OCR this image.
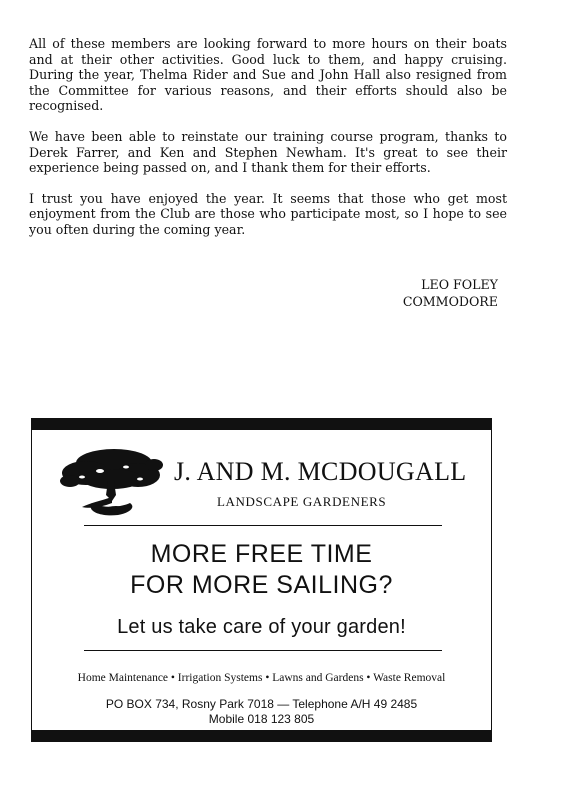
All of these members are looking forward to more hours on their boats and at their other activities. Good luck to them, and happy cruising. During the year, Thelma Rider and Sue and John Hall also resigned from the Committee for various reasons, and their efforts should also be recognised.

We have been able to reinstate our training course program, thanks to Derek Farrer, and Ken and Stephen Newham. It's great to see their experience being passed on, and I thank them for their efforts.

I trust you have enjoyed the year. It seems that those who get most enjoyment from the Club are those who participate most, so I hope to see you often during the coming year.

LEO FOLEY
COMMODORE
J. AND M. MCDOUGALL
LANDSCAPE GARDENERS
MORE FREE TIME
FOR MORE SAILING?
Let us take care of your garden!
Home Maintenance • Irrigation Systems • Lawns and Gardens • Waste Removal
PO BOX 734, Rosny Park 7018 — Telephone A/H 49 2485
Mobile 018 123 805
